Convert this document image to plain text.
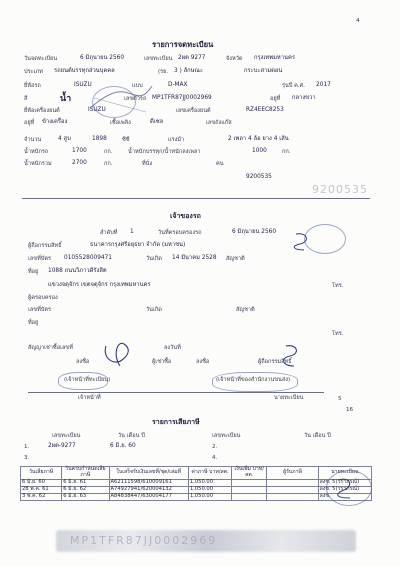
4
รายการจดทะเบียน
วันจดทะเบียน	6 มิถุนายน 2560	เลขทะเบียน 2ผต 9277	จังหวัด กรุงเทพมหานคร
ประเภท รถยนต์บรรทุกส่วนบุคคล	(รย. 3 ) ลักษณะ	กระบะสามตอน
ยี่ห้อรถ	ISUZU	แบบ	D-MAX	รุ่นปี ค.ศ. 2017
สี	น้ำ	เลขตัวรถ MP1TFR87JJ0002969	อยู่ที่ กลางขวา
ยี่ห้อเครื่องยนต์	ISUZU	เลขเครื่องยนต์	RZ4EEC8253
อยู่ที่ ข้างเครื่อง	เชื้อเพลิง	ดีเซล	เลขถังแก๊ส
จำนวน	4 สูบ	1898	ซีซี	แรงม้า	2 เพลา 4 ล้อ ยาง 4 เส้น
น้ำหนักรถ	1700	กก.	น้ำหนักบรรทุก/น้ำหนักลงเพลา	1000	กก.
น้ำหนักรวม	2700	กก.	ที่นั่ง	คน
9200535
9200535
เจ้าของรถ
ลำดับที่ 1	วันที่ครอบครองรถ	6 มิถุนายน 2560
ผู้ถือกรรมสิทธิ์	ธนาคารกรุงศรีอยุธยา จำกัด (มหาชน)
เลขที่บัตร 0105528009471	วันเกิด 14 มีนาคม 2528 สัญชาติ
ที่อยู่ 1088 ถนนวิภาวดีรังสิต
แขวงจตุจักร เขตจตุจักร กรุงเทพมหานคร	โทร.
ผู้ครอบครอง
เลขที่บัตร	วันเกิด	สัญชาติ
ที่อยู่
โทร.
สัญญาเช่าซื้อเลขที่	ลงวันที่
ลงชื่อ	ผู้เช่าซื้อ	ลงชื่อ	ผู้ถือกรรมสิทธิ์
(เจ้าหน้าที่ทะเบียน)	(เจ้าหน้าที่ของสำนักงานขนส่ง)
เจ้าหน้าที่	นายทะเบียน	5
16
รายการเสียภาษี
เลขทะเบียน	วัน เดือน ปี	เลขทะเบียน	วัน เดือน ปี
1.	2ผต-9277	6 มิ.ย. 60	2.
3.	4.
วันเสียภาษี	วันครบกำหนดเสียภาษี	ใบเสร็จรับเงินเลขที่/ชุด/เล่มที่	ค่าภาษี บาท/สต.	เงินเพิ่ม บาท/สต.	ผู้รับภาษี	นายทะเบียน
6 มิ.ย. 60	6 มิ.ย. 61	A62111598/610009161	1,050.00			ลงช. 5(วราภรณ์)
28 พ.ค. 61	6 มิ.ย. 62	A74927941/620004132	1,050.00			ลงช. 5(วราภรณ์)
3 พ.ค. 62	6 มิ.ย. 63	A84838447/630004177	1,050.00			ลงช.
MP1TFR87JJ0002969
